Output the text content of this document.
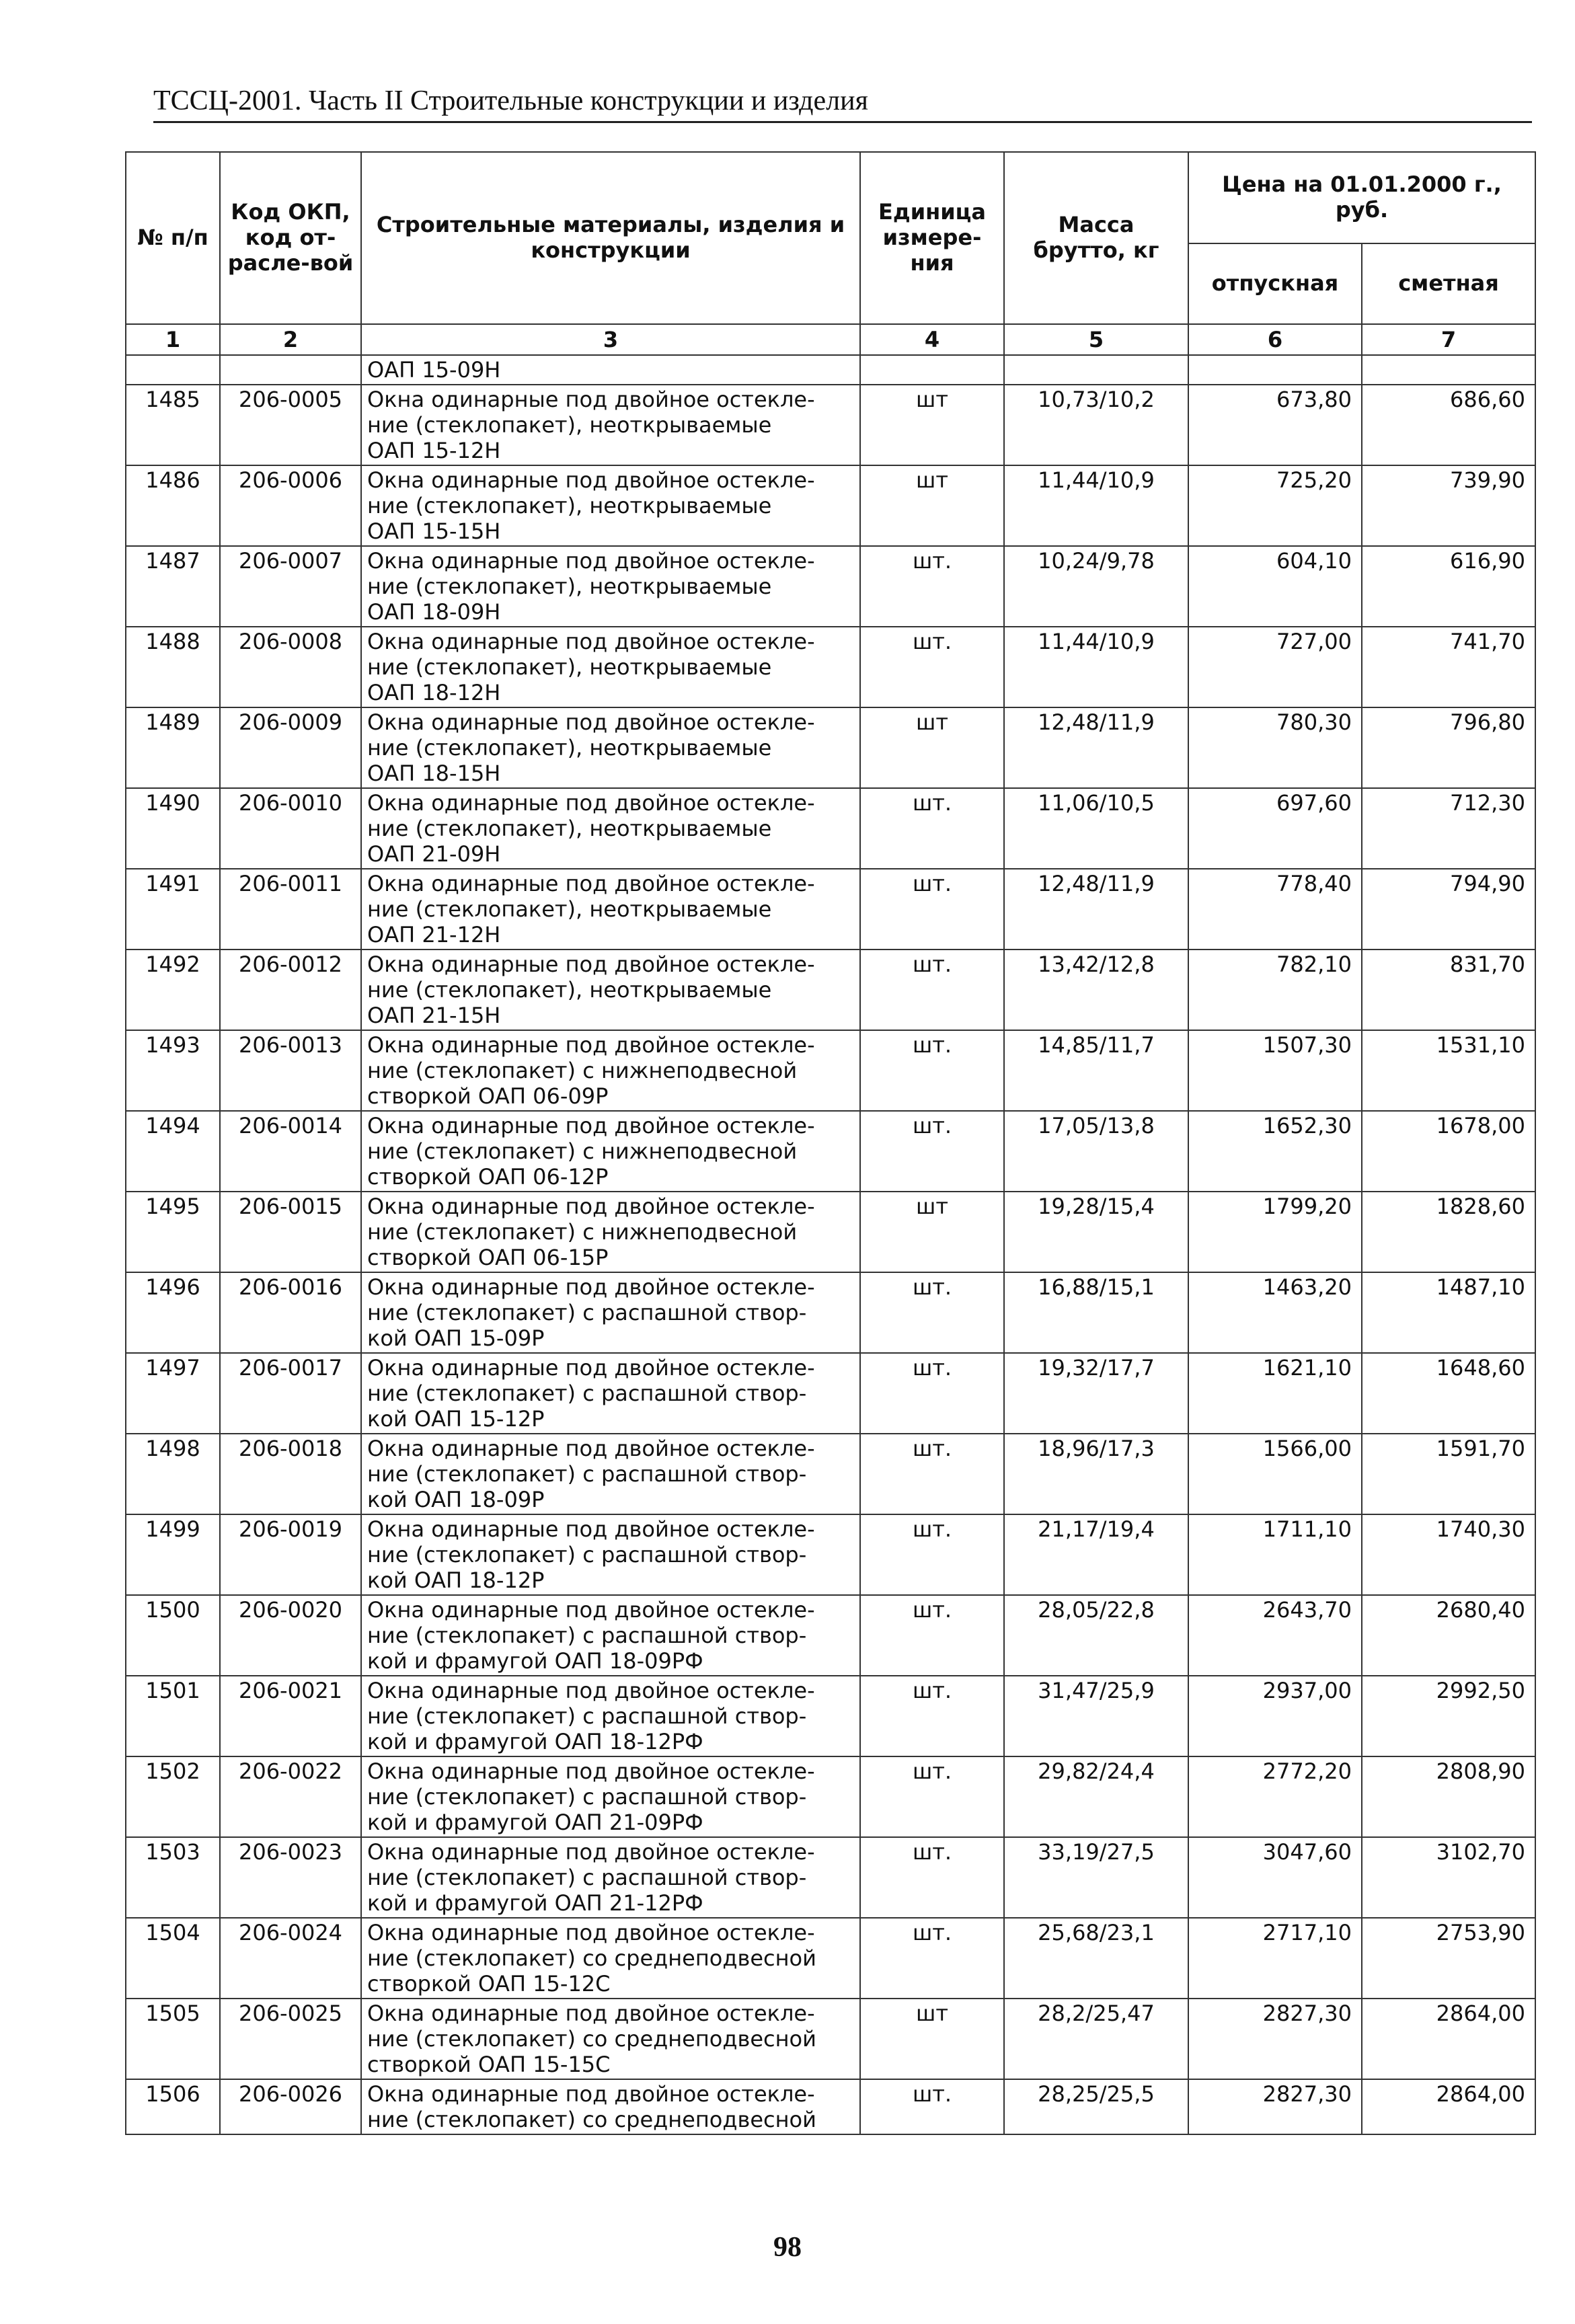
ТССЦ-2001. Часть II Строительные конструкции и изделия
№ п/п	Код ОКП,
код от-расле-вой	Строительные материалы, изделия и конструкции	Единица измере-ния	Масса брутто, кг	Цена на 01.01.2000 г., руб.	
					отпускная	сметная
1	2	3	4	5	6	7
		ОАП 15-09Н				
1485	206-0005	Окна одинарные под двойное остекле-
ние (стеклопакет), неоткрываемые
ОАП 15-12Н	шт	10,73/10,2	673,80	686,60
1486	206-0006	Окна одинарные под двойное остекле-
ние (стеклопакет), неоткрываемые
ОАП 15-15Н	шт	11,44/10,9	725,20	739,90
1487	206-0007	Окна одинарные под двойное остекле-
ние (стеклопакет), неоткрываемые
ОАП 18-09Н	шт.	10,24/9,78	604,10	616,90
1488	206-0008	Окна одинарные под двойное остекле-
ние (стеклопакет), неоткрываемые
ОАП 18-12Н	шт.	11,44/10,9	727,00	741,70
1489	206-0009	Окна одинарные под двойное остекле-
ние (стеклопакет), неоткрываемые
ОАП 18-15Н	шт	12,48/11,9	780,30	796,80
1490	206-0010	Окна одинарные под двойное остекле-
ние (стеклопакет), неоткрываемые
ОАП 21-09Н	шт.	11,06/10,5	697,60	712,30
1491	206-0011	Окна одинарные под двойное остекле-
ние (стеклопакет), неоткрываемые
ОАП 21-12Н	шт.	12,48/11,9	778,40	794,90
1492	206-0012	Окна одинарные под двойное остекле-
ние (стеклопакет), неоткрываемые
ОАП 21-15Н	шт.	13,42/12,8	782,10	831,70
1493	206-0013	Окна одинарные под двойное остекле-
ние (стеклопакет) с нижнеподвесной
створкой ОАП 06-09Р	шт.	14,85/11,7	1507,30	1531,10
1494	206-0014	Окна одинарные под двойное остекле-
ние (стеклопакет) с нижнеподвесной
створкой ОАП 06-12Р	шт.	17,05/13,8	1652,30	1678,00
1495	206-0015	Окна одинарные под двойное остекле-
ние (стеклопакет) с нижнеподвесной
створкой ОАП 06-15Р	шт	19,28/15,4	1799,20	1828,60
1496	206-0016	Окна одинарные под двойное остекле-
ние (стеклопакет) с распашной створ-
кой ОАП 15-09Р	шт.	16,88/15,1	1463,20	1487,10
1497	206-0017	Окна одинарные под двойное остекле-
ние (стеклопакет) с распашной створ-
кой ОАП 15-12Р	шт.	19,32/17,7	1621,10	1648,60
1498	206-0018	Окна одинарные под двойное остекле-
ние (стеклопакет) с распашной створ-
кой ОАП 18-09Р	шт.	18,96/17,3	1566,00	1591,70
1499	206-0019	Окна одинарные под двойное остекле-
ние (стеклопакет) с распашной створ-
кой ОАП 18-12Р	шт.	21,17/19,4	1711,10	1740,30
1500	206-0020	Окна одинарные под двойное остекле-
ние (стеклопакет) с распашной створ-
кой и фрамугой ОАП 18-09РФ	шт.	28,05/22,8	2643,70	2680,40
1501	206-0021	Окна одинарные под двойное остекле-
ние (стеклопакет) с распашной створ-
кой и фрамугой ОАП 18-12РФ	шт.	31,47/25,9	2937,00	2992,50
1502	206-0022	Окна одинарные под двойное остекле-
ние (стеклопакет) с распашной створ-
кой и фрамугой ОАП 21-09РФ	шт.	29,82/24,4	2772,20	2808,90
1503	206-0023	Окна одинарные под двойное остекле-
ние (стеклопакет) с распашной створ-
кой и фрамугой ОАП 21-12РФ	шт.	33,19/27,5	3047,60	3102,70
1504	206-0024	Окна одинарные под двойное остекле-
ние (стеклопакет) со среднеподвесной
створкой ОАП 15-12С	шт.	25,68/23,1	2717,10	2753,90
1505	206-0025	Окна одинарные под двойное остекле-
ние (стеклопакет) со среднеподвесной
створкой ОАП 15-15С	шт	28,2/25,47	2827,30	2864,00
1506	206-0026	Окна одинарные под двойное остекле-
ние (стеклопакет) со среднеподвесной	шт.	28,25/25,5	2827,30	2864,00
98
